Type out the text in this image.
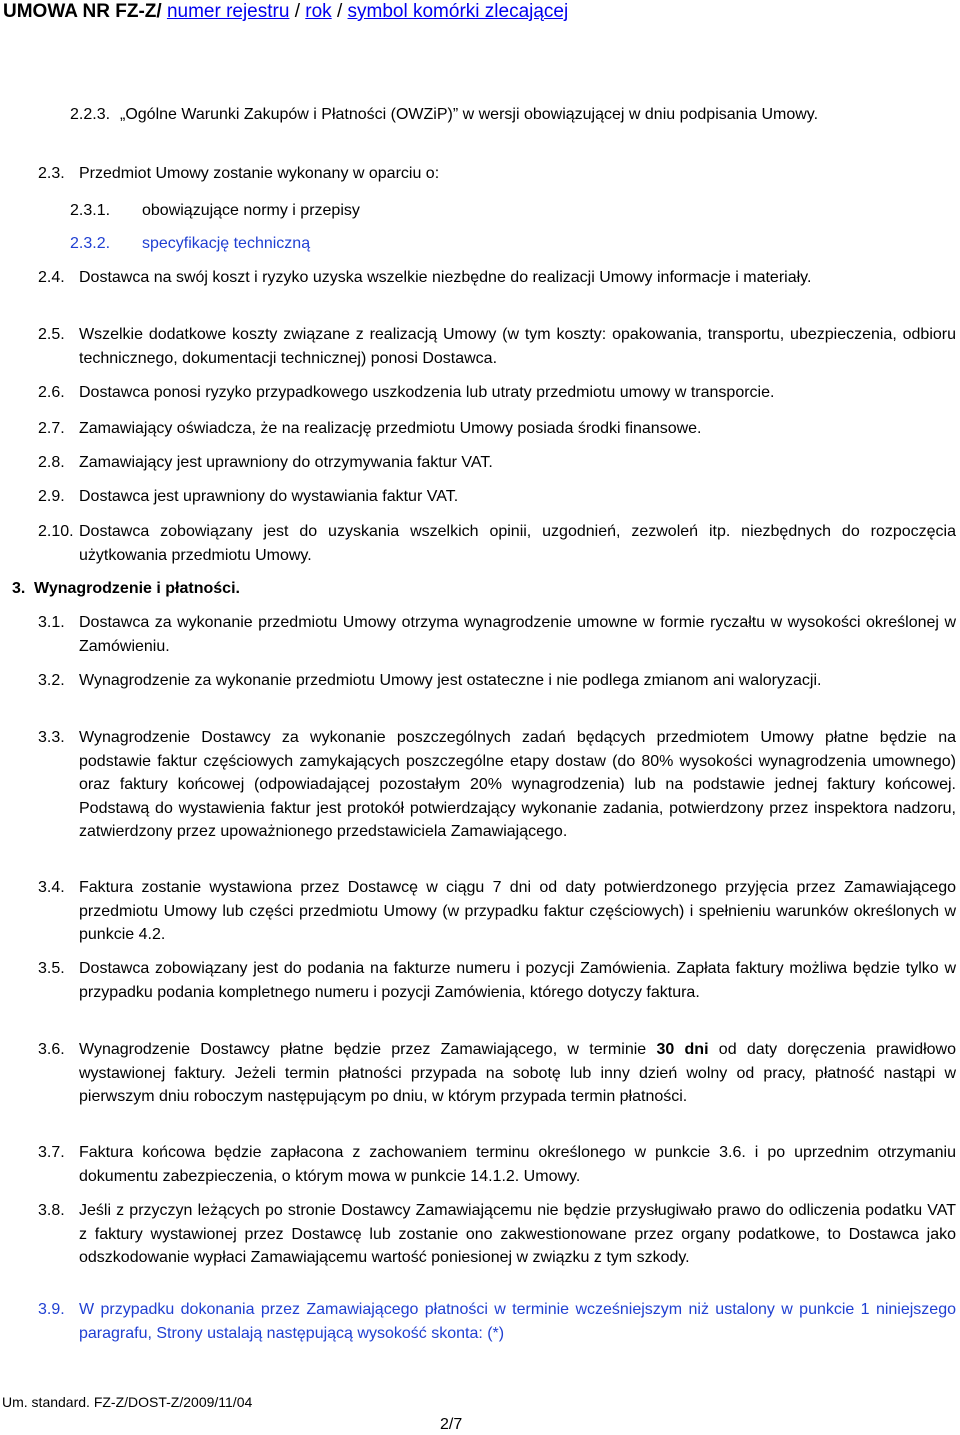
UMOWA NR FZ-Z/ numer rejestru / rok / symbol komórki zlecającej
2.2.3. „Ogólne Warunki Zakupów i Płatności (OWZiP)” w wersji obowiązującej w dniu podpisania Umowy.
2.3. Przedmiot Umowy zostanie wykonany w oparciu o:
2.3.1. obowiązujące normy i przepisy
2.3.2. specyfikację techniczną
2.4. Dostawca na swój koszt i ryzyko uzyska wszelkie niezbędne do realizacji Umowy informacje i materiały.
2.5. Wszelkie dodatkowe koszty związane z realizacją Umowy (w tym koszty: opakowania, transportu, ubezpieczenia, odbioru technicznego, dokumentacji technicznej) ponosi Dostawca.
2.6. Dostawca ponosi ryzyko przypadkowego uszkodzenia lub utraty przedmiotu umowy w transporcie.
2.7. Zamawiający oświadcza, że na realizację przedmiotu Umowy posiada środki finansowe.
2.8. Zamawiający jest uprawniony do otrzymywania faktur VAT.
2.9. Dostawca jest uprawniony do wystawiania faktur VAT.
2.10. Dostawca zobowiązany jest do uzyskania wszelkich opinii, uzgodnień, zezwoleń itp. niezbędnych do rozpoczęcia użytkowania przedmiotu Umowy.
3. Wynagrodzenie i płatności.
3.1. Dostawca za wykonanie przedmiotu Umowy otrzyma wynagrodzenie umowne w formie ryczałtu w wysokości określonej w Zamówieniu.
3.2. Wynagrodzenie za wykonanie przedmiotu Umowy jest ostateczne i nie podlega zmianom ani waloryzacji.
3.3. Wynagrodzenie Dostawcy za wykonanie poszczególnych zadań będących przedmiotem Umowy płatne będzie na podstawie faktur częściowych zamykających poszczególne etapy dostaw (do 80% wysokości wynagrodzenia umownego) oraz faktury końcowej (odpowiadającej pozostałym 20% wynagrodzenia) lub na podstawie jednej faktury końcowej. Podstawą do wystawienia faktur jest protokół potwierdzający wykonanie zadania, potwierdzony przez inspektora nadzoru, zatwierdzony przez upoważnionego przedstawiciela Zamawiającego.
3.4. Faktura zostanie wystawiona przez Dostawcę w ciągu 7 dni od daty potwierdzonego przyjęcia przez Zamawiającego przedmiotu Umowy lub części przedmiotu Umowy (w przypadku faktur częściowych) i spełnieniu warunków określonych w punkcie 4.2.
3.5. Dostawca zobowiązany jest do podania na fakturze numeru i pozycji Zamówienia. Zapłata faktury możliwa będzie tylko w przypadku podania kompletnego numeru i pozycji Zamówienia, którego dotyczy faktura.
3.6. Wynagrodzenie Dostawcy płatne będzie przez Zamawiającego, w terminie 30 dni od daty doręczenia prawidłowo wystawionej faktury. Jeżeli termin płatności przypada na sobotę lub inny dzień wolny od pracy, płatność nastąpi w pierwszym dniu roboczym następującym po dniu, w którym przypada termin płatności.
3.7. Faktura końcowa będzie zapłacona z zachowaniem terminu określonego w punkcie 3.6. i po uprzednim otrzymaniu dokumentu zabezpieczenia, o którym mowa w punkcie 14.1.2. Umowy.
3.8. Jeśli z przyczyn leżących po stronie Dostawcy Zamawiającemu nie będzie przysługiwało prawo do odliczenia podatku VAT z faktury wystawionej przez Dostawcę lub zostanie ono zakwestionowane przez organy podatkowe, to Dostawca jako odszkodowanie wypłaci Zamawiającemu wartość poniesionej w związku z tym szkody.
3.9. W przypadku dokonania przez Zamawiającego płatności w terminie wcześniejszym niż ustalony w punkcie 1 niniejszego paragrafu, Strony ustalają następującą wysokość skonta: (*)
Um. standard. FZ-Z/DOST-Z/2009/11/04
2/7
